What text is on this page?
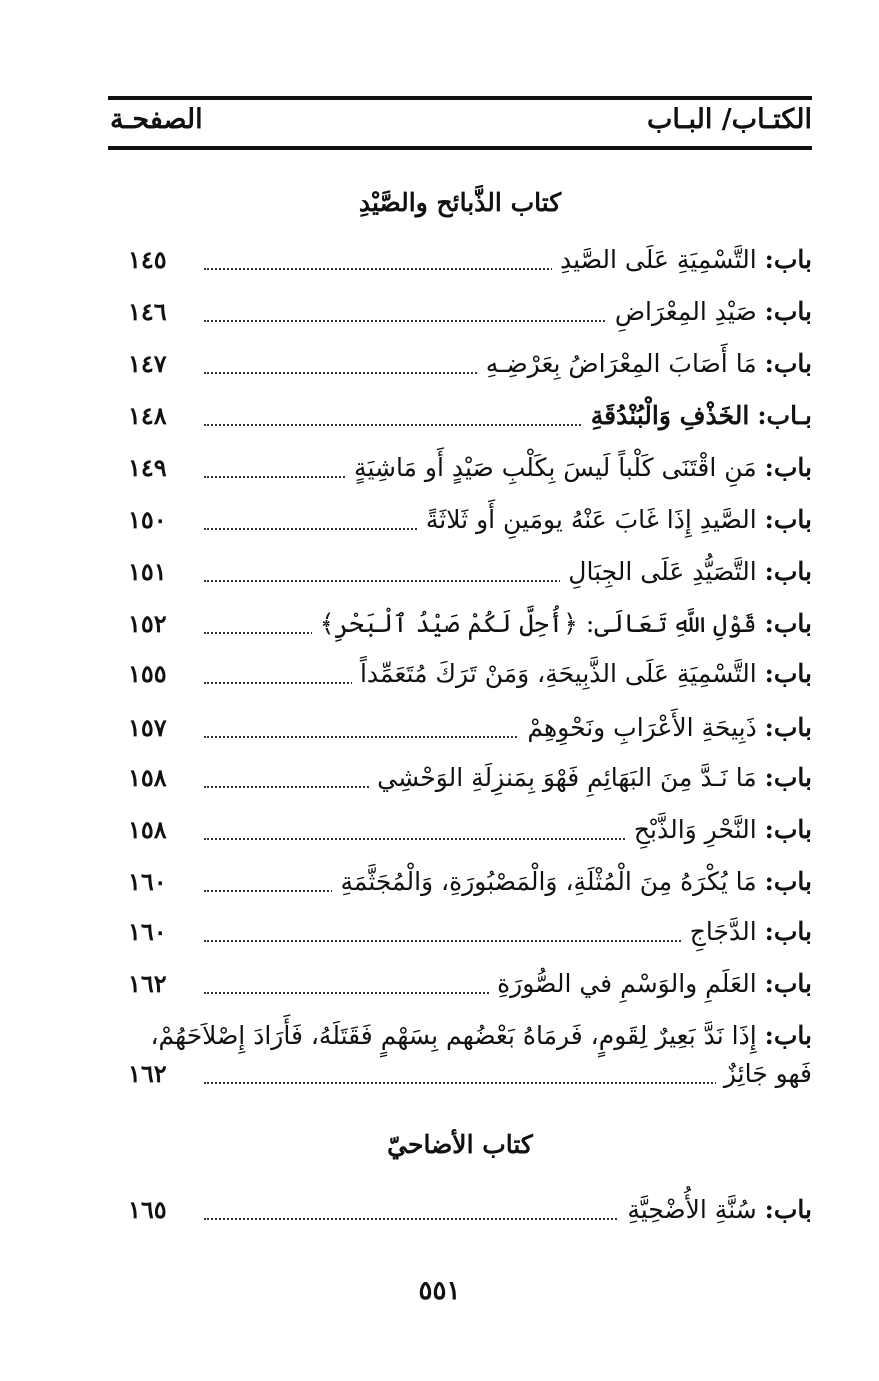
الكتـاب/ البـاب
الصفحـة
كتاب الذَّبائح والصَّيْدِ
باب: التَّسْمِيَةِ عَلَى الصَّيدِ
١٤٥
باب: صَيْدِ المِعْرَاضِ
١٤٦
باب: مَا أَصَابَ المِعْرَاضُ بِعَرْضِـهِ
١٤٧
بـاب: الخَذْفِ وَالْبُنْدُقَةِ
١٤٨
باب: مَنِ اقْتَنَى كَلْباً لَيسَ بِكَلْبِ صَيْدٍ أَو مَاشِيَةٍ
١٤٩
باب: الصَّيدِ إِذَا غَابَ عَنْهُ يومَينِ أَو ثَلاثَةً
١٥٠
باب: التَّصَيُّدِ عَلَى الجِبَالِ
١٥١
باب: قَوْلِ اللَّهِ تَعَالَى: ﴿أُحِلَّ لَكُمْ صَيْدُ ٱلْبَحْرِ﴾
١٥٢
باب: التَّسْمِيَةِ عَلَى الذَّبِيحَةِ، وَمَنْ تَرَكَ مُتَعَمِّداً
١٥٥
باب: ذَبِيحَةِ الأَعْرَابِ ونَحْوِهِمْ
١٥٧
باب: مَا نَـدَّ مِنَ البَهَائِمِ فَهْوَ بِمَنزِلَةِ الوَحْشِي
١٥٨
باب: النَّحْرِ وَالذَّبْحِ
١٥٨
باب: مَا يُكْرَهُ مِنَ الْمُثْلَةِ، وَالْمَصْبُورَةِ، وَالْمُجَثَّمَةِ
١٦٠
باب: الدَّجَاجِ
١٦٠
باب: العَلَمِ والوَسْمِ في الصُّورَةِ
١٦٢
باب: إِذَا نَدَّ بَعِيرٌ لِقَومٍ، فَرمَاهُ بَعْضُهم بِسَهْمٍ فَقَتَلَهُ، فَأَرَادَ إِصْلاَحَهُمْ،
فَهو جَائِزٌ
١٦٢
كتاب الأضاحيّ
باب: سُنَّةِ الأُضْحِيَّةِ
١٦٥
٥٥١
